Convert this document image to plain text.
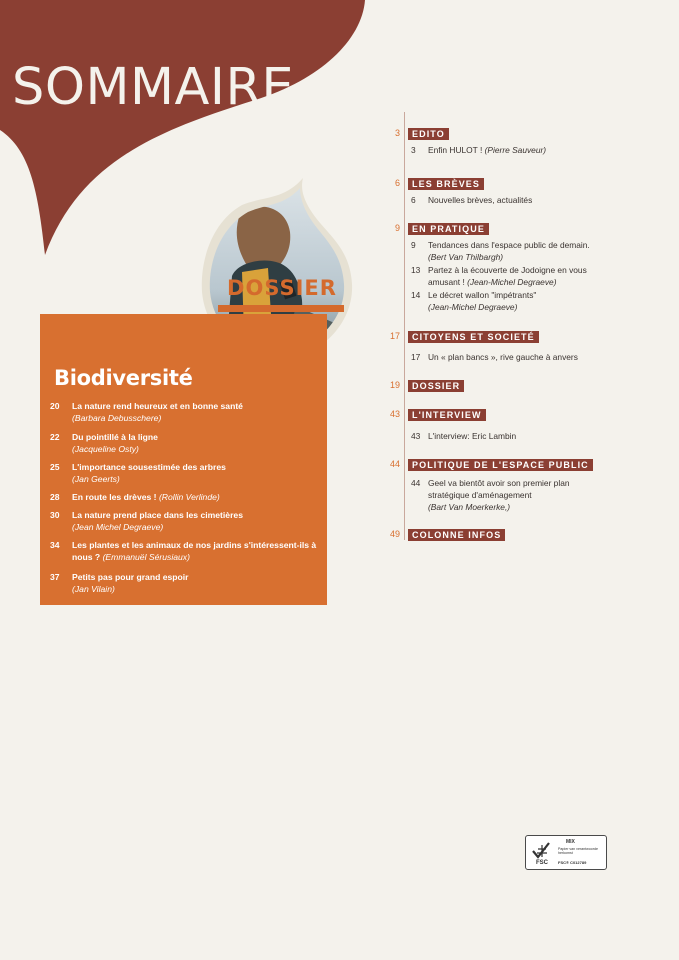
SOMMAIRE
DOSSIER
Biodiversité
20	La nature rend heureux et en bonne santé
(Barbara Debusschere)
22	Du pointillé à la ligne
(Jacqueline Osty)
25	L'importance sousestimée des arbres
(Jan Geerts)
28	En route les drèves ! (Rollin Verlinde)
30	La nature prend place dans les cimetières
(Jean Michel Degraeve)
34	Les plantes et les animaux de nos jardins s'intéressent-ils à nous ? (Emmanuël Sérusiaux)
37	Petits pas pour grand espoir
(Jan Vilain)
3	EDITO
3 Enfin HULOT ! (Pierre Sauveur)
6	LES BRÈVES
6 Nouvelles brèves, actualités
9	EN PRATIQUE
9 Tendances dans l'espace public de demain.
(Bert Van Thilbargh)
13 Partez à la écouverte de Jodoigne en vous amusant ! (Jean-Michel Degraeve)
14 Le décret wallon "impétrants"
(Jean-Michel Degraeve)
17	CITOYENS ET SOCIETÉ
17 Un « plan bancs », rive gauche à anvers
19	DOSSIER
43	L'INTERVIEW
43 L'interview: Eric Lambin
44	POLITIQUE DE L'ESPACE PUBLIC
44 Geel va bientôt avoir son premier plan stratégique d'aménagement
(Bart Van Moerkerke,)
49	COLONNE INFOS
FSC
MIX
Papier van verantwoorde herkomst
FSC® C012789
